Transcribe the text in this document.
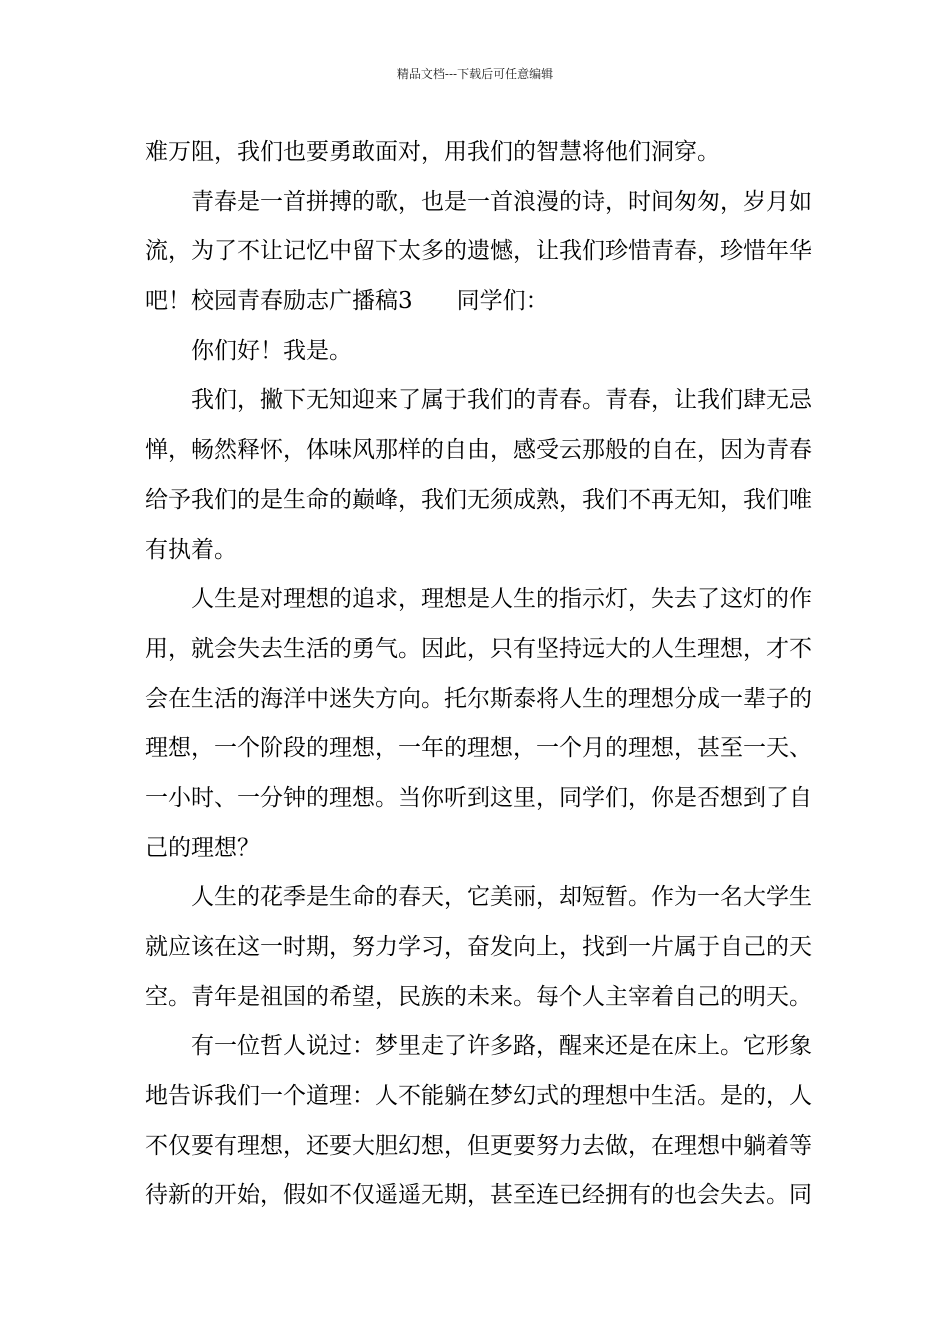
精品文档---下载后可任意编辑
难万阻，我们也要勇敢面对，用我们的智慧将他们洞穿。
青春是一首拼搏的歌，也是一首浪漫的诗，时间匆匆，岁月如
流，为了不让记忆中留下太多的遗憾，让我们珍惜青春，珍惜年华
吧！校园青春励志广播稿3 同学们：
你们好！我是。
我们，撇下无知迎来了属于我们的青春。青春，让我们肆无忌
惮，畅然释怀，体味风那样的自由，感受云那般的自在，因为青春
给予我们的是生命的巅峰，我们无须成熟，我们不再无知，我们唯
有执着。
人生是对理想的追求，理想是人生的指示灯，失去了这灯的作
用，就会失去生活的勇气。因此，只有坚持远大的人生理想，才不
会在生活的海洋中迷失方向。托尔斯泰将人生的理想分成一辈子的
理想，一个阶段的理想，一年的理想，一个月的理想，甚至一天、
一小时、一分钟的理想。当你听到这里，同学们，你是否想到了自
己的理想？
人生的花季是生命的春天，它美丽，却短暂。作为一名大学生
就应该在这一时期，努力学习，奋发向上，找到一片属于自己的天
空。青年是祖国的希望，民族的未来。每个人主宰着自己的明天。
有一位哲人说过：梦里走了许多路，醒来还是在床上。它形象
地告诉我们一个道理：人不能躺在梦幻式的理想中生活。是的，人
不仅要有理想，还要大胆幻想，但更要努力去做，在理想中躺着等
待新的开始，假如不仅遥遥无期，甚至连已经拥有的也会失去。同
